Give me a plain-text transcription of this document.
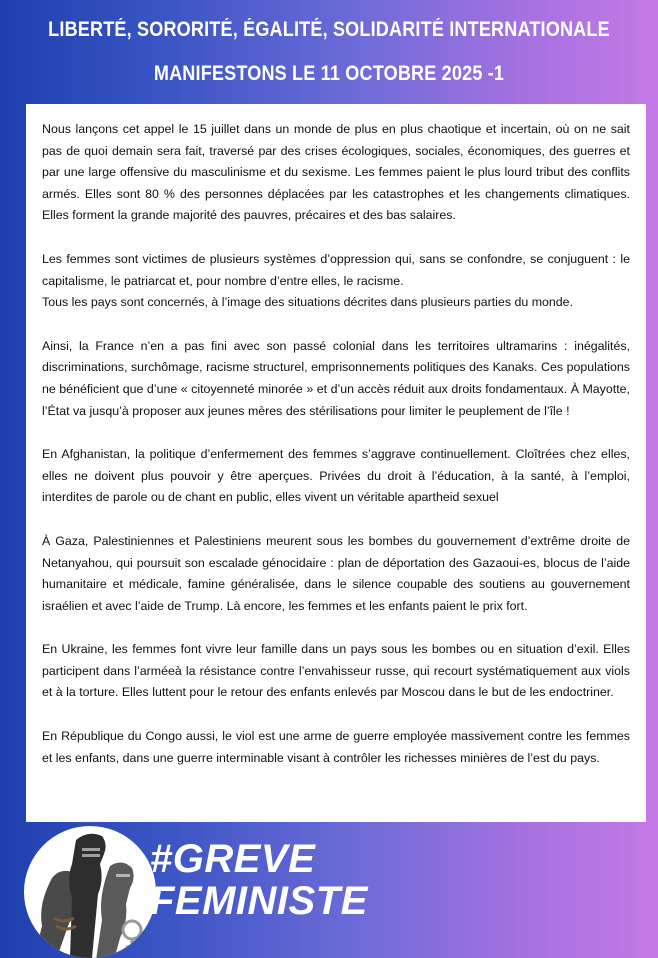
LIBERTÉ, SORORITÉ, ÉGALITÉ, SOLIDARITÉ INTERNATIONALE
MANIFESTONS LE 11 OCTOBRE 2025 -1

Nous lançons cet appel le 15 juillet dans un monde de plus en plus chaotique et incertain, où on ne sait pas de quoi demain sera fait, traversé par des crises écologiques, sociales, économiques, des guerres et par une large offensive du masculinisme et du sexisme. Les femmes paient le plus lourd tribut des conflits armés. Elles sont 80 % des personnes déplacées par les catastrophes et les changements climatiques. Elles forment la grande majorité des pauvres, précaires et des bas salaires.

Les femmes sont victimes de plusieurs systèmes d’oppression qui, sans se confondre, se conjuguent : le capitalisme, le patriarcat et, pour nombre d’entre elles, le racisme.

Tous les pays sont concernés, à l’image des situations décrites dans plusieurs parties du monde.

Ainsi, la France n’en a pas fini avec son passé colonial dans les territoires ultramarins : inégalités, discriminations, surchômage, racisme structurel, emprisonnements politiques des Kanaks. Ces populations ne bénéficient que d’une « citoyenneté minorée » et d’un accès réduit aux droits fondamentaux. À Mayotte, l’État va jusqu’à proposer aux jeunes mères des stérilisations pour limiter le peuplement de l’île !

En Afghanistan, la politique d’enfermement des femmes s’aggrave continuellement. Cloîtrées chez elles, elles ne doivent plus pouvoir y être aperçues. Privées du droit à l’éducation, à la santé, à l’emploi, interdites de parole ou de chant en public, elles vivent un véritable apartheid sexuel

À Gaza, Palestiniennes et Palestiniens meurent sous les bombes du gouvernement d’extrême droite de Netanyahou, qui poursuit son escalade génocidaire : plan de déportation des Gazaoui-es, blocus de l’aide humanitaire et médicale, famine généralisée, dans le silence coupable des soutiens au gouvernement israélien et avec l’aide de Trump. Là encore, les femmes et les enfants paient le prix fort.

En Ukraine, les femmes font vivre leur famille dans un pays sous les bombes ou en situation d’exil. Elles participent dans l’arméeà la résistance contre l’envahisseur russe, qui recourt systématiquement aux viols et à la torture. Elles luttent pour le retour des enfants enlevés par Moscou dans le but de les endoctriner.

En République du Congo aussi, le viol est une arme de guerre employée massivement contre les femmes et les enfants, dans une guerre interminable visant à contrôler les richesses minières de l’est du pays.

#GREVE
FEMINISTE
